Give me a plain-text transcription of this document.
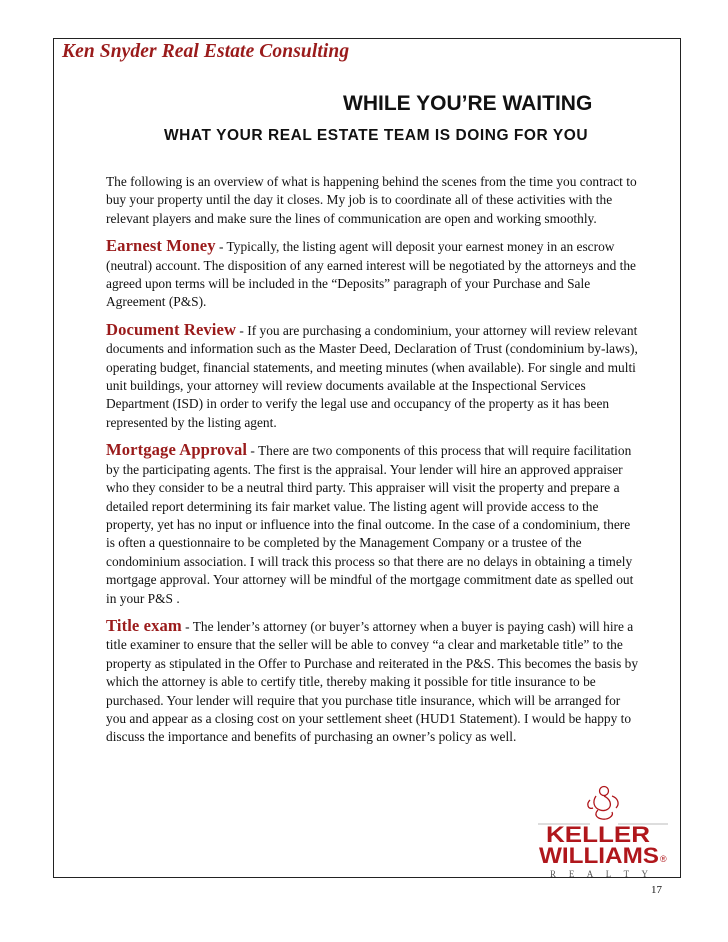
Ken Snyder Real Estate Consulting
WHILE YOU’RE WAITING
WHAT YOUR REAL ESTATE TEAM IS DOING FOR YOU

The following is an overview of what is happening behind the scenes from the time you contract to buy your property until the day it closes. My job is to coordinate all of these activities with the relevant players and make sure the lines of communication are open and working smoothly.

Earnest Money - Typically, the listing agent will deposit your earnest money in an escrow (neutral) account. The disposition of any earned interest will be negotiated by the attorneys and the agreed upon terms will be included in the “Deposits” paragraph of your Purchase and Sale Agreement (P&S).

Document Review - If you are purchasing a condominium, your attorney will review relevant documents and information such as the Master Deed, Declaration of Trust (condominium by-laws), operating budget, financial statements, and meeting minutes (when available). For single and multi unit buildings, your attorney will review documents available at the Inspectional Services Department (ISD) in order to verify the legal use and occupancy of the property as it has been represented by the listing agent.

Mortgage Approval - There are two components of this process that will require facilitation by the participating agents. The first is the appraisal. Your lender will hire an approved appraiser who they consider to be a neutral third party. This appraiser will visit the property and prepare a detailed report determining its fair market value. The listing agent will provide access to the property, yet has no input or influence into the final outcome. In the case of a condominium, there is often a questionnaire to be completed by the Management Company or a trustee of the condominium association. I will track this process so that there are no delays in obtaining a timely mortgage approval. Your attorney will be mindful of the mortgage commitment date as spelled out in your P&S .

Title exam - The lender’s attorney (or buyer’s attorney when a buyer is paying cash) will hire a title examiner to ensure that the seller will be able to convey “a clear and marketable title” to the property as stipulated in the Offer to Purchase and reiterated in the P&S. This becomes the basis by which the attorney is able to certify title, thereby making it possible for title insurance to be purchased. Your lender will require that you purchase title insurance, which will be arranged for you and appear as a closing cost on your settlement sheet (HUD1 Statement). I would be happy to discuss the importance and benefits of purchasing an owner’s policy as well.

KELLER
WILLIAMS ®
R E A L T Y
17
